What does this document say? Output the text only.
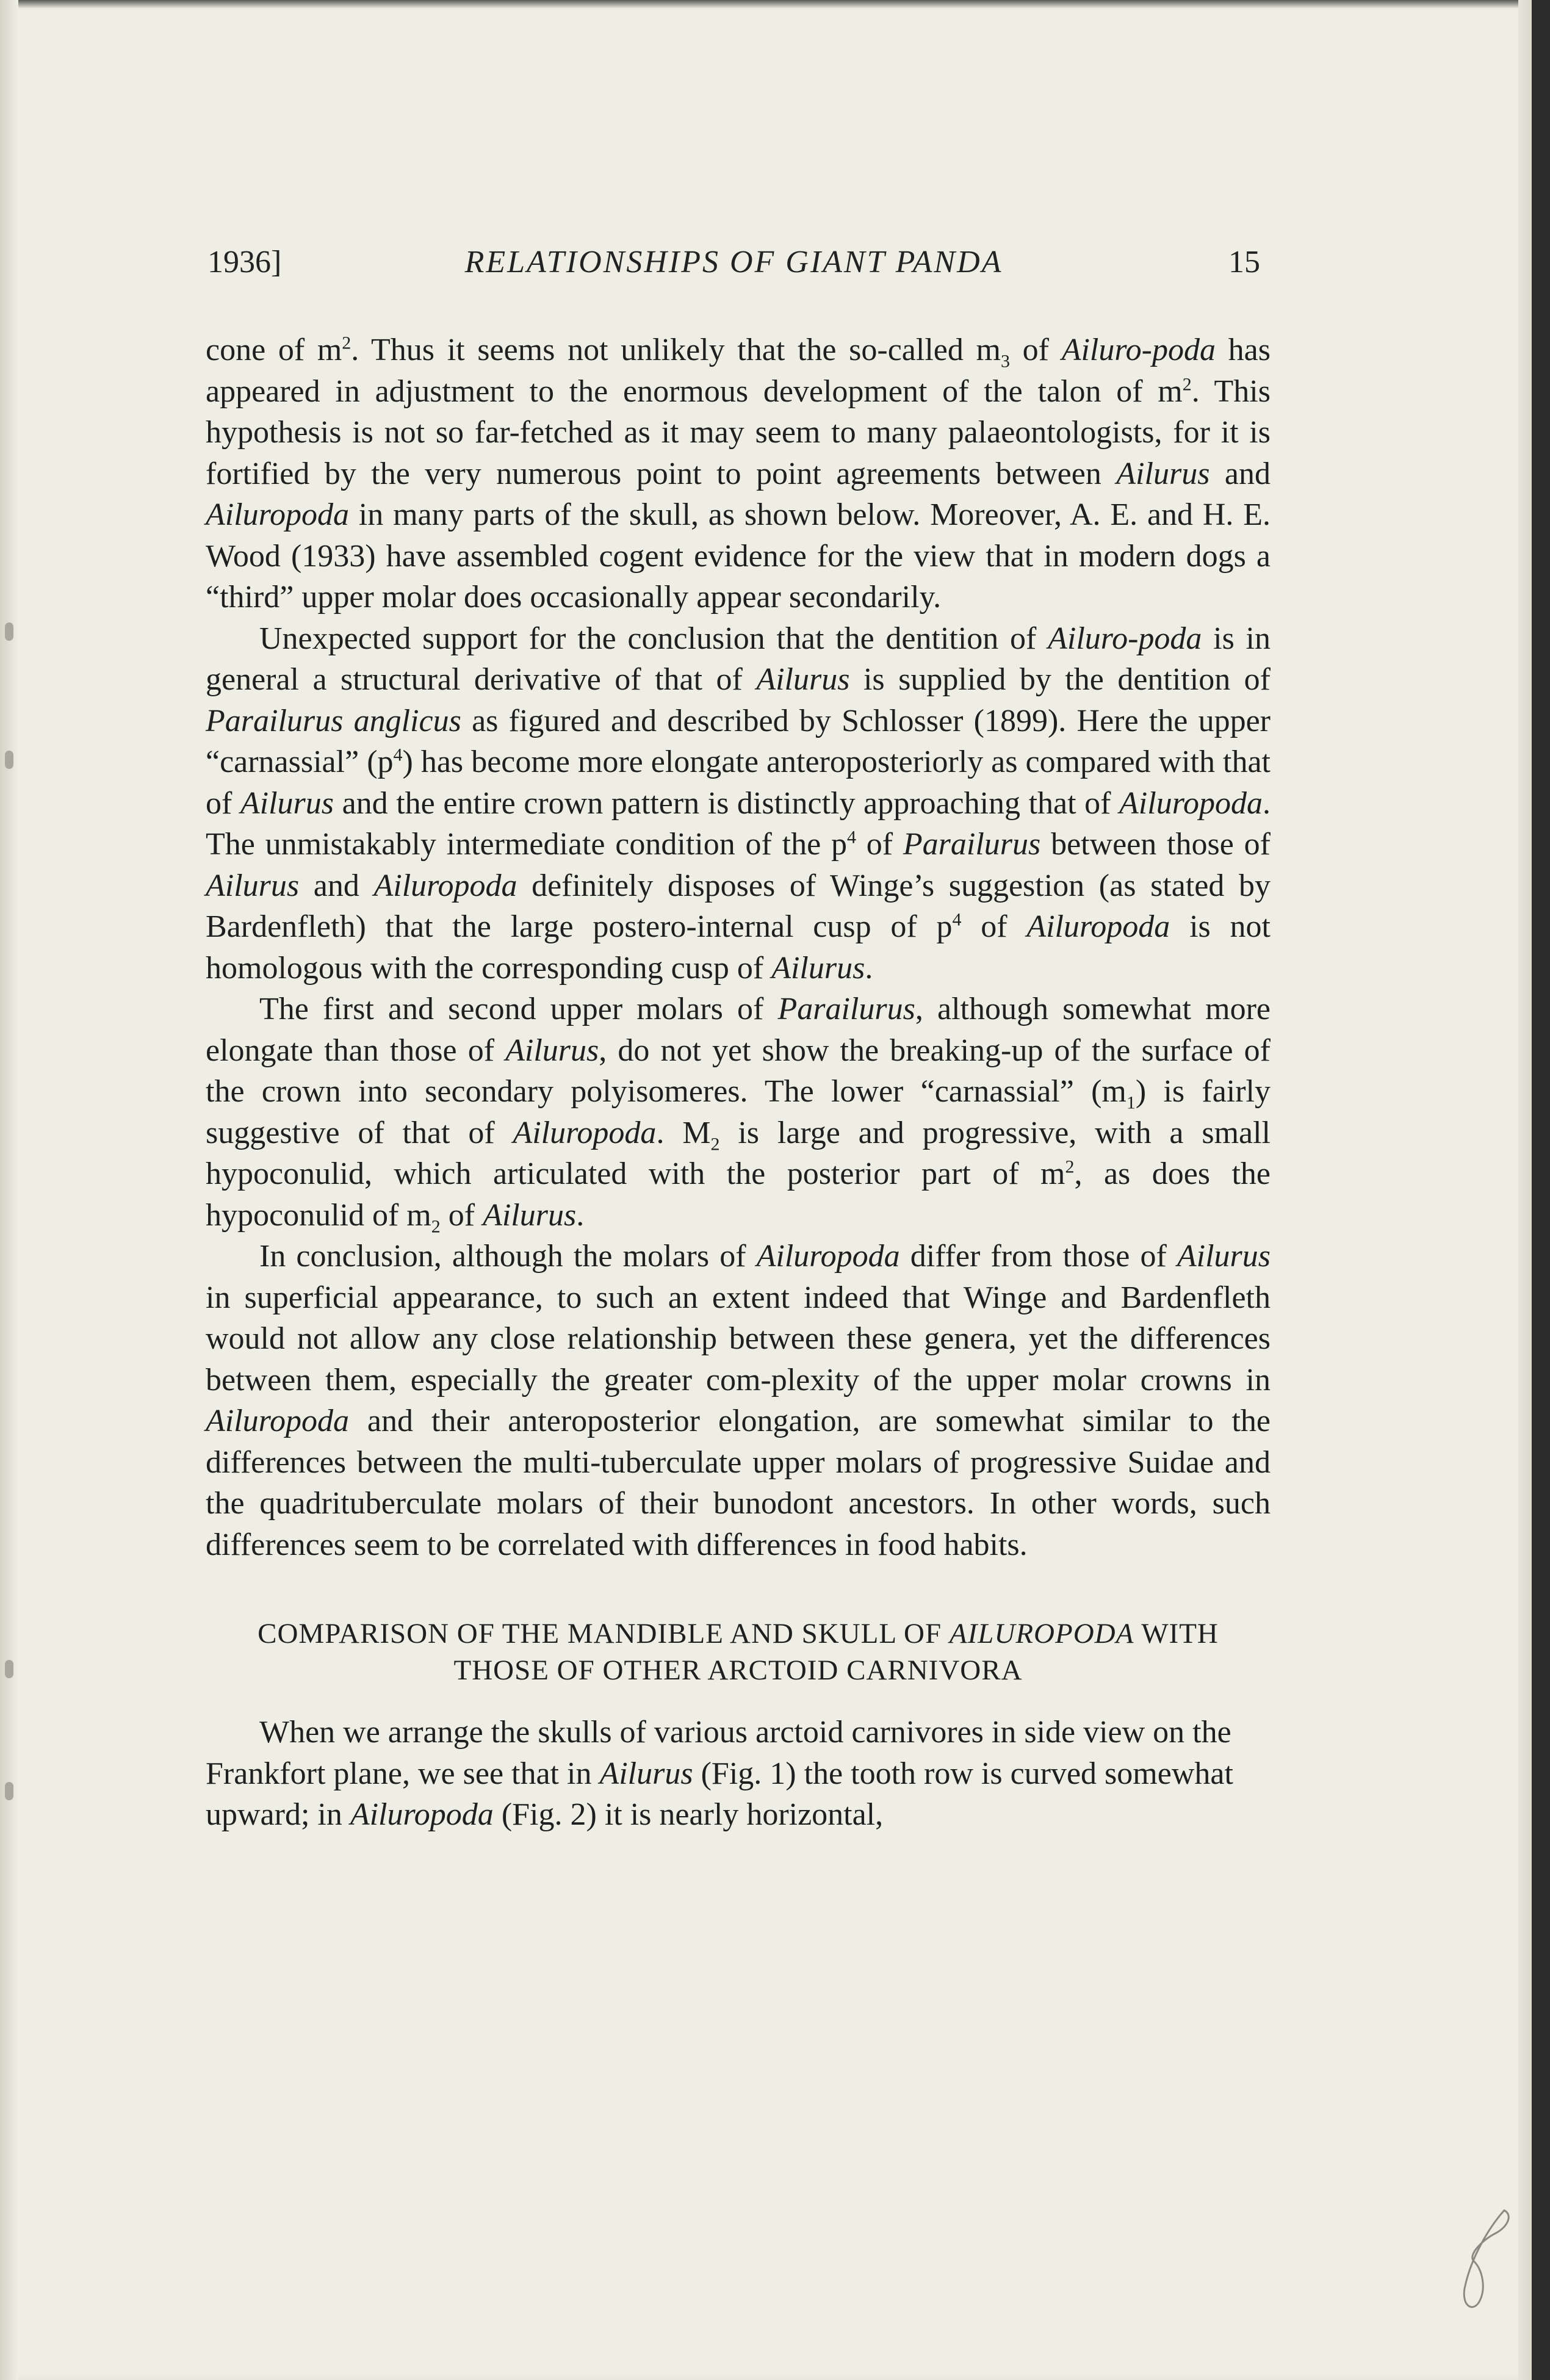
1936]	RELATIONSHIPS OF GIANT PANDA	15

cone of $m^2$. Thus it seems not unlikely that the so-called $m_3$ of Ailuro-poda has appeared in adjustment to the enormous development of the talon of $m^2$. This hypothesis is not so far-fetched as it may seem to many palaeontologists, for it is fortified by the very numerous point to point agreements between Ailurus and Ailuropoda in many parts of the skull, as shown below. Moreover, A. E. and H. E. Wood (1933) have assembled cogent evidence for the view that in modern dogs a “third” upper molar does occasionally appear secondarily.

Unexpected support for the conclusion that the dentition of Ailuro-poda is in general a structural derivative of that of Ailurus is supplied by the dentition of Parailurus anglicus as figured and described by Schlosser (1899). Here the upper “carnassial” $(p^4)$ has become more elongate anteroposteriorly as compared with that of Ailurus and the entire crown pattern is distinctly approaching that of Ailuropoda. The unmistakably intermediate condition of the $p^4$ of Parailurus between those of Ailurus and Ailuropoda definitely disposes of Winge’s suggestion (as stated by Bardenfleth) that the large postero-internal cusp of $p^4$ of Ailuropoda is not homologous with the corresponding cusp of Ailurus.

The first and second upper molars of Parailurus, although somewhat more elongate than those of Ailurus, do not yet show the breaking-up of the surface of the crown into secondary polyisomeres. The lower “carnassial” $(m_1)$ is fairly suggestive of that of Ailuropoda. $M_2$ is large and progressive, with a small hypoconulid, which articulated with the posterior part of $m^2$, as does the hypoconulid of $m_2$ of Ailurus.

In conclusion, although the molars of Ailuropoda differ from those of Ailurus in superficial appearance, to such an extent indeed that Winge and Bardenfleth would not allow any close relationship between these genera, yet the differences between them, especially the greater com-plexity of the upper molar crowns in Ailuropoda and their anteroposterior elongation, are somewhat similar to the differences between the multi-tuberculate upper molars of progressive Suidae and the quadrituberculate molars of their bunodont ancestors. In other words, such differences seem to be correlated with differences in food habits.

COMPARISON OF THE MANDIBLE AND SKULL OF AILUROPODA WITH
THOSE OF OTHER ARCTOID CARNIVORA

When we arrange the skulls of various arctoid carnivores in side view on the Frankfort plane, we see that in Ailurus (Fig. 1) the tooth row is curved somewhat upward; in Ailuropoda (Fig. 2) it is nearly horizontal,
